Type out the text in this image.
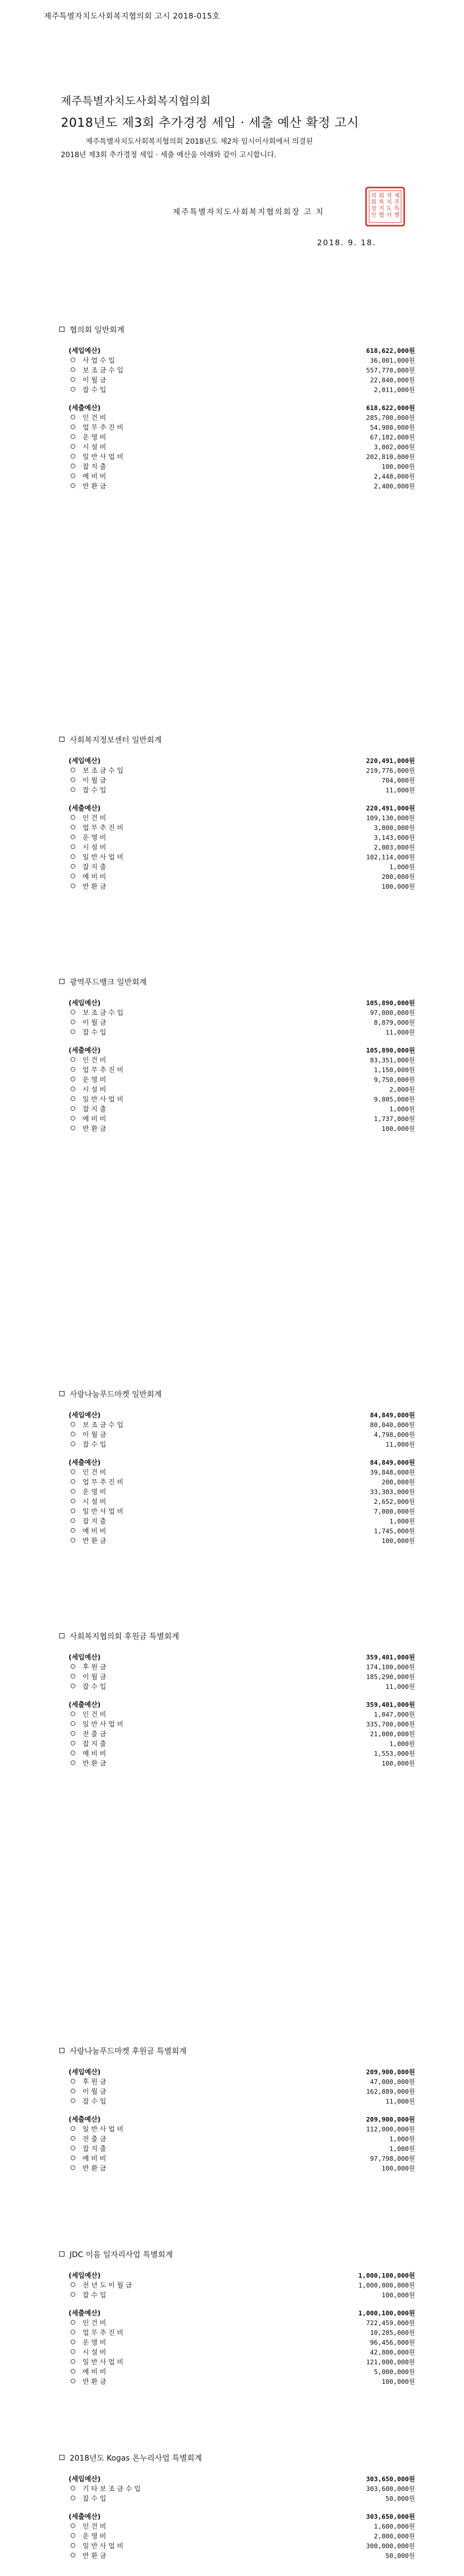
제주특별자치도사회복지협의회 고시 2018-015호
제주특별자치도사회복지협의회
2018년도 제3회 추가경정 세입 · 세출 예산 확정 고시

제주특별자치도사회복지협의회 2018년도 제2차 임시이사회에서 의결된

2018년 제3회 추가경정 세입 · 세출 예산을 아래와 같이 고시합니다.

제주특별자치도사회복지협의회장 고 치
제
주
특
별
자
치
도
사
회
복
지
협
의
회
장
인
2018. 9. 18.
협의회 일반회계
(세입예산)	618,622,000원
사 업 수 입	36,001,000원
보 조 금 수 입	557,770,000원
이 월 금	22,840,000원
잡 수 입	2,011,000원
(세출예산)	618,622,000원
인 건 비	285,700,000원
업 무 추 진 비	54,980,000원
운 영 비	67,182,000원
시 설 비	3,002,000원
일 반 사 업 비	202,810,000원
잡 지 출	100,000원
예 비 비	2,448,000원
반 환 금	2,400,000원
사회복지정보센터 일반회계
(세입예산)	220,491,000원
보 조 금 수 입	219,776,000원
이 월 금	704,000원
잡 수 입	11,000원
(세출예산)	220,491,000원
인 건 비	109,130,000원
업 무 추 진 비	3,800,000원
운 영 비	3,143,000원
시 설 비	2,003,000원
일 반 사 업 비	102,114,000원
잡 지 출	1,000원
예 비 비	200,000원
반 환 금	100,000원
광역푸드뱅크 일반회계
(세입예산)	105,890,000원
보 조 금 수 입	97,000,000원
이 월 금	8,879,000원
잡 수 입	11,000원
(세출예산)	105,890,000원
인 건 비	83,351,000원
업 무 추 진 비	1,150,000원
운 영 비	9,750,000원
시 설 비	2,000원
일 반 사 업 비	9,805,000원
잡 지 출	1,000원
예 비 비	1,737,000원
반 환 금	100,000원
사랑나눔푸드마켓 일반회계
(세입예산)	84,849,000원
보 조 금 수 입	80,040,000원
이 월 금	4,798,000원
잡 수 입	11,000원
(세출예산)	84,849,000원
인 건 비	39,848,000원
업 무 추 진 비	200,000원
운 영 비	33,303,000원
시 설 비	2,652,000원
일 반 사 업 비	7,000,000원
잡 지 출	1,000원
예 비 비	1,745,000원
반 환 금	100,000원
사회복지협의회 후원금 특별회계
(세입예산)	359,401,000원
후 원 금	174,100,000원
이 월 금	185,290,000원
잡 수 입	11,000원
(세출예산)	359,401,000원
인 건 비	1,047,000원
일 반 사 업 비	335,700,000원
전 출 금	21,000,000원
잡 지 출	1,000원
예 비 비	1,553,000원
반 환 금	100,000원
사랑나눔푸드마켓 후원금 특별회계
(세입예산)	209,900,000원
후 원 금	47,000,000원
이 월 금	162,889,000원
잡 수 입	11,000원
(세출예산)	209,900,000원
일 반 사 업 비	112,000,000원
전 출 금	1,000원
잡 지 출	1,000원
예 비 비	97,798,000원
반 환 금	100,000원
JDC 이음 일자리사업 특별회계
(세입예산)	1,000,100,000원
전 년 도 이 월 금	1,000,000,000원
잡 수 입	100,000원
(세출예산)	1,000,100,000원
인 건 비	722,459,000원
업 무 추 진 비	10,285,000원
운 영 비	96,456,000원
시 설 비	42,800,000원
일 반 사 업 비	121,000,000원
예 비 비	5,000,000원
반 환 금	100,000원
2018년도 Kogas 온누리사업 특별회계
(세입예산)	303,650,000원
기 타 보 조 금 수 입	303,600,000원
잡 수 입	50,000원
(세출예산)	303,650,000원
인 건 비	1,600,000원
운 영 비	2,000,000원
일 반 사 업 비	300,000,000원
반 환 금	50,000원
